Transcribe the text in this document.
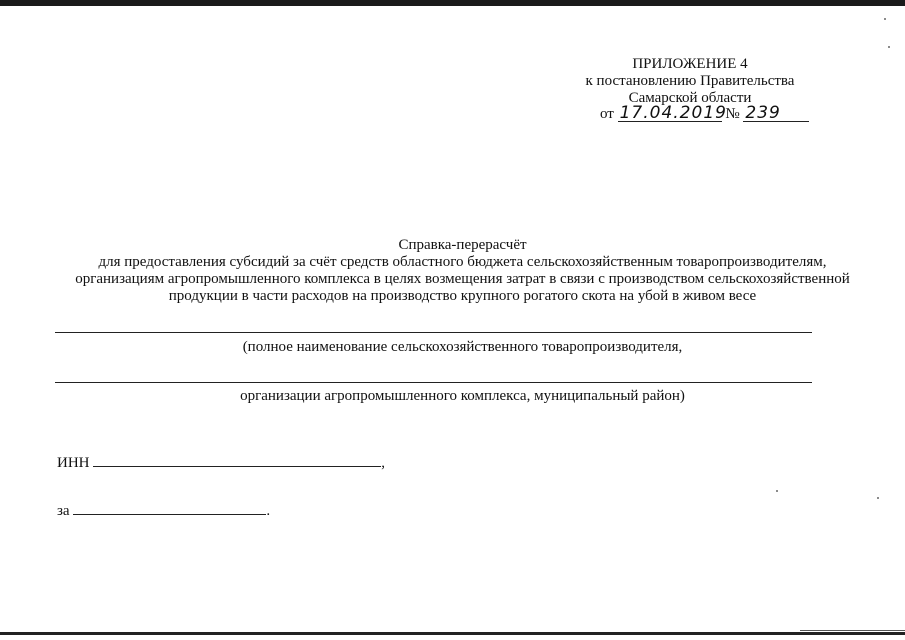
ПРИЛОЖЕНИЕ 4
к постановлению Правительства
Самарской области
от 17.04.2019 № 239
Справка-перерасчёт
для предоставления субсидий за счёт средств областного бюджета сельскохозяйственным товаропроизводителям,
организациям агропромышленного комплекса в целях возмещения затрат в связи с производством сельскохозяйственной
продукции в части расходов на производство крупного рогатого скота на убой в живом весе
(полное наименование сельскохозяйственного товаропроизводителя,
организации агропромышленного комплекса, муниципальный район)
ИНН	,
за	.
